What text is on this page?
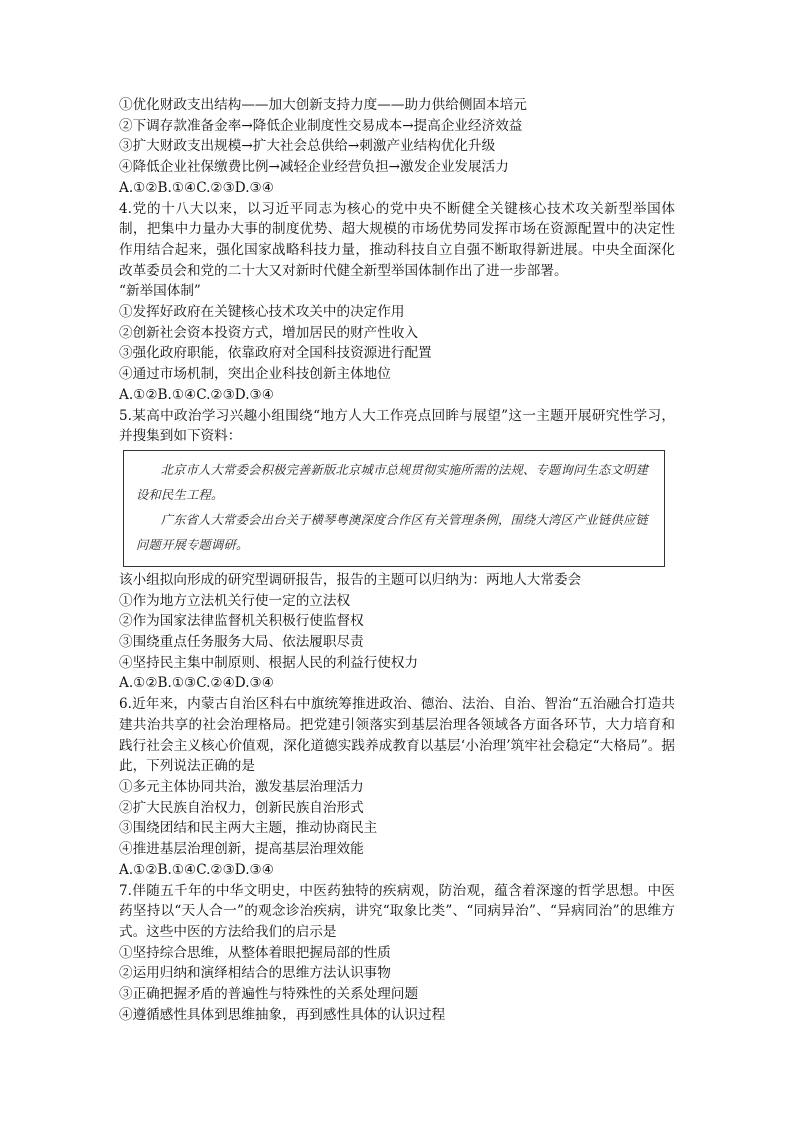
①优化财政支出结构——加大创新支持力度——助力供给侧固本培元
②下调存款准备金率→降低企业制度性交易成本→提高企业经济效益
③扩大财政支出规模→扩大社会总供给→刺激产业结构优化升级
④降低企业社保缴费比例→减轻企业经营负担→激发企业发展活力
A.①②B.①④C.②③D.③④
4.党的十八大以来，以习近平同志为核心的党中央不断健全关键核心技术攻关新型举国体制，把集中力量办大事的制度优势、超大规模的市场优势同发挥市场在资源配置中的决定性作用结合起来，强化国家战略科技力量，推动科技自立自强不断取得新进展。中央全面深化改革委员会和党的二十大又对新时代健全新型举国体制作出了进一步部署。
“新举国体制”
①发挥好政府在关键核心技术攻关中的决定作用
②创新社会资本投资方式，增加居民的财产性收入
③强化政府职能，依靠政府对全国科技资源进行配置
④通过市场机制，突出企业科技创新主体地位
A.①②B.①④C.②③D.③④
5.某高中政治学习兴趣小组围绕“地方人大工作亮点回眸与展望”这一主题开展研究性学习，并搜集到如下资料：

北京市人大常委会积极完善新版北京城市总规贯彻实施所需的法规、专题询问生态文明建设和民生工程。

广东省人大常委会出台关于横琴粤澳深度合作区有关管理条例，围绕大湾区产业链供应链问题开展专题调研。

该小组拟向形成的研究型调研报告，报告的主题可以归纳为：两地人大常委会
①作为地方立法机关行使一定的立法权
②作为国家法律监督机关积极行使监督权
③围绕重点任务服务大局、依法履职尽责
④坚持民主集中制原则、根据人民的利益行使权力
A.①②B.①③C.②④D.③④
6.近年来，内蒙古自治区科右中旗统筹推进政治、德治、法治、自治、智治“五治融合打造共建共治共享的社会治理格局。把党建引领落实到基层治理各领域各方面各环节，大力培育和践行社会主义核心价值观，深化道德实践养成教育以基层‘小治理’筑牢社会稳定“大格局”。据此，下列说法正确的是
①多元主体协同共治，激发基层治理活力
②扩大民族自治权力，创新民族自治形式
③围绕团结和民主两大主题，推动协商民主
④推进基层治理创新，提高基层治理效能
A.①②B.①④C.②③D.③④
7.伴随五千年的中华文明史，中医药独特的疾病观，防治观，蕴含着深邃的哲学思想。中医药坚持以“天人合一”的观念诊治疾病，讲究“取象比类”、“同病异治”、“异病同治”的思维方式。这些中医的方法给我们的启示是
①坚持综合思维，从整体着眼把握局部的性质
②运用归纳和演绎相结合的思维方法认识事物
③正确把握矛盾的普遍性与特殊性的关系处理问题
④遵循感性具体到思维抽象，再到感性具体的认识过程
